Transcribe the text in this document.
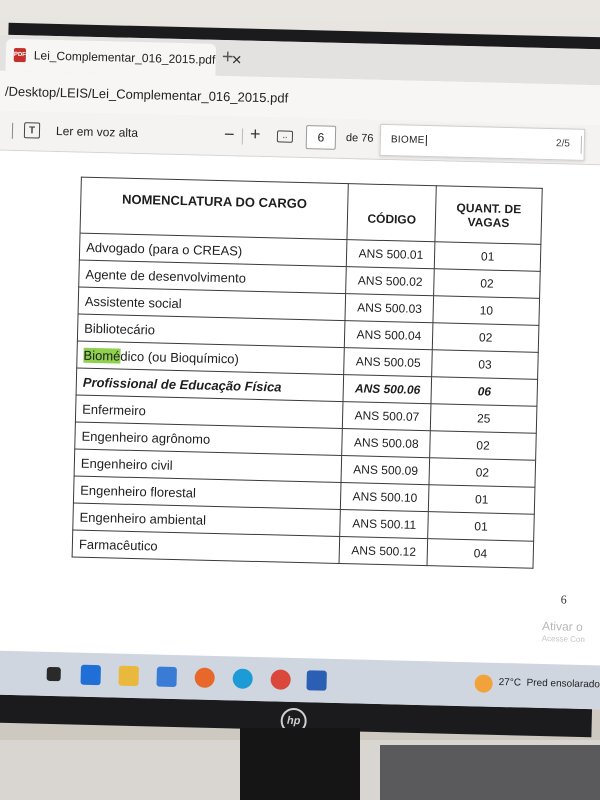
PDF Lei_Complementar_016_2015.pdf	✕
+
/Desktop/LEIS/Lei_Complementar_016_2015.pdf
T	Ler em voz alta	− +	↔	6	de 76 BIOME	2/5
NOMENCLATURA DO CARGO	CÓDIGO	QUANT. DE VAGAS
Advogado (para o CREAS)	ANS 500.01	01
Agente de desenvolvimento	ANS 500.02	02
Assistente social	ANS 500.03	10
Bibliotecário	ANS 500.04	02
Biomédico (ou Bioquímico)	ANS 500.05	03
Profissional de Educação Física	ANS 500.06	06
Enfermeiro	ANS 500.07	25
Engenheiro agrônomo	ANS 500.08	02
Engenheiro civil	ANS 500.09	02
Engenheiro florestal	ANS 500.10	01
Engenheiro ambiental	ANS 500.11	01
Farmacêutico	ANS 500.12	04
6
Ativar o
Acesse Con
27°C Pred ensolarado
hp
